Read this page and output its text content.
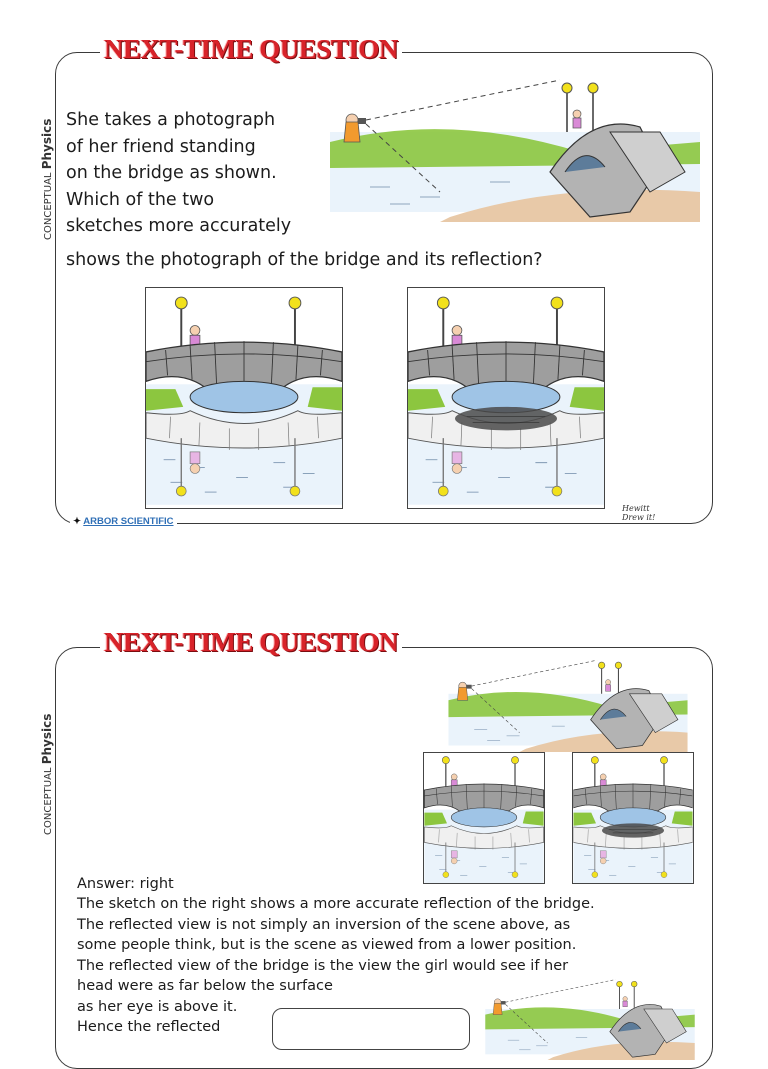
NEXT-TIME QUESTION
CONCEPTUAL Physics She takes a photograph
of her friend standing
on the bridge as shown.
Which of the two
sketches more accurately
shows the photograph of the bridge and its reflection?
✦ ARBOR SCIENTIFIC
Hewitt
Drew it!
NEXT-TIME QUESTION
CONCEPTUAL Physics
Answer: right
The sketch on the right shows a more accurate reflection of the bridge.
The reflected view is not simply an inversion of the scene above, as
some people think, but is the scene as viewed from a lower position.
The reflected view of the bridge is the view the girl would see if her
head were as far below the surface
as her eye is above it.
Hence the reflected
